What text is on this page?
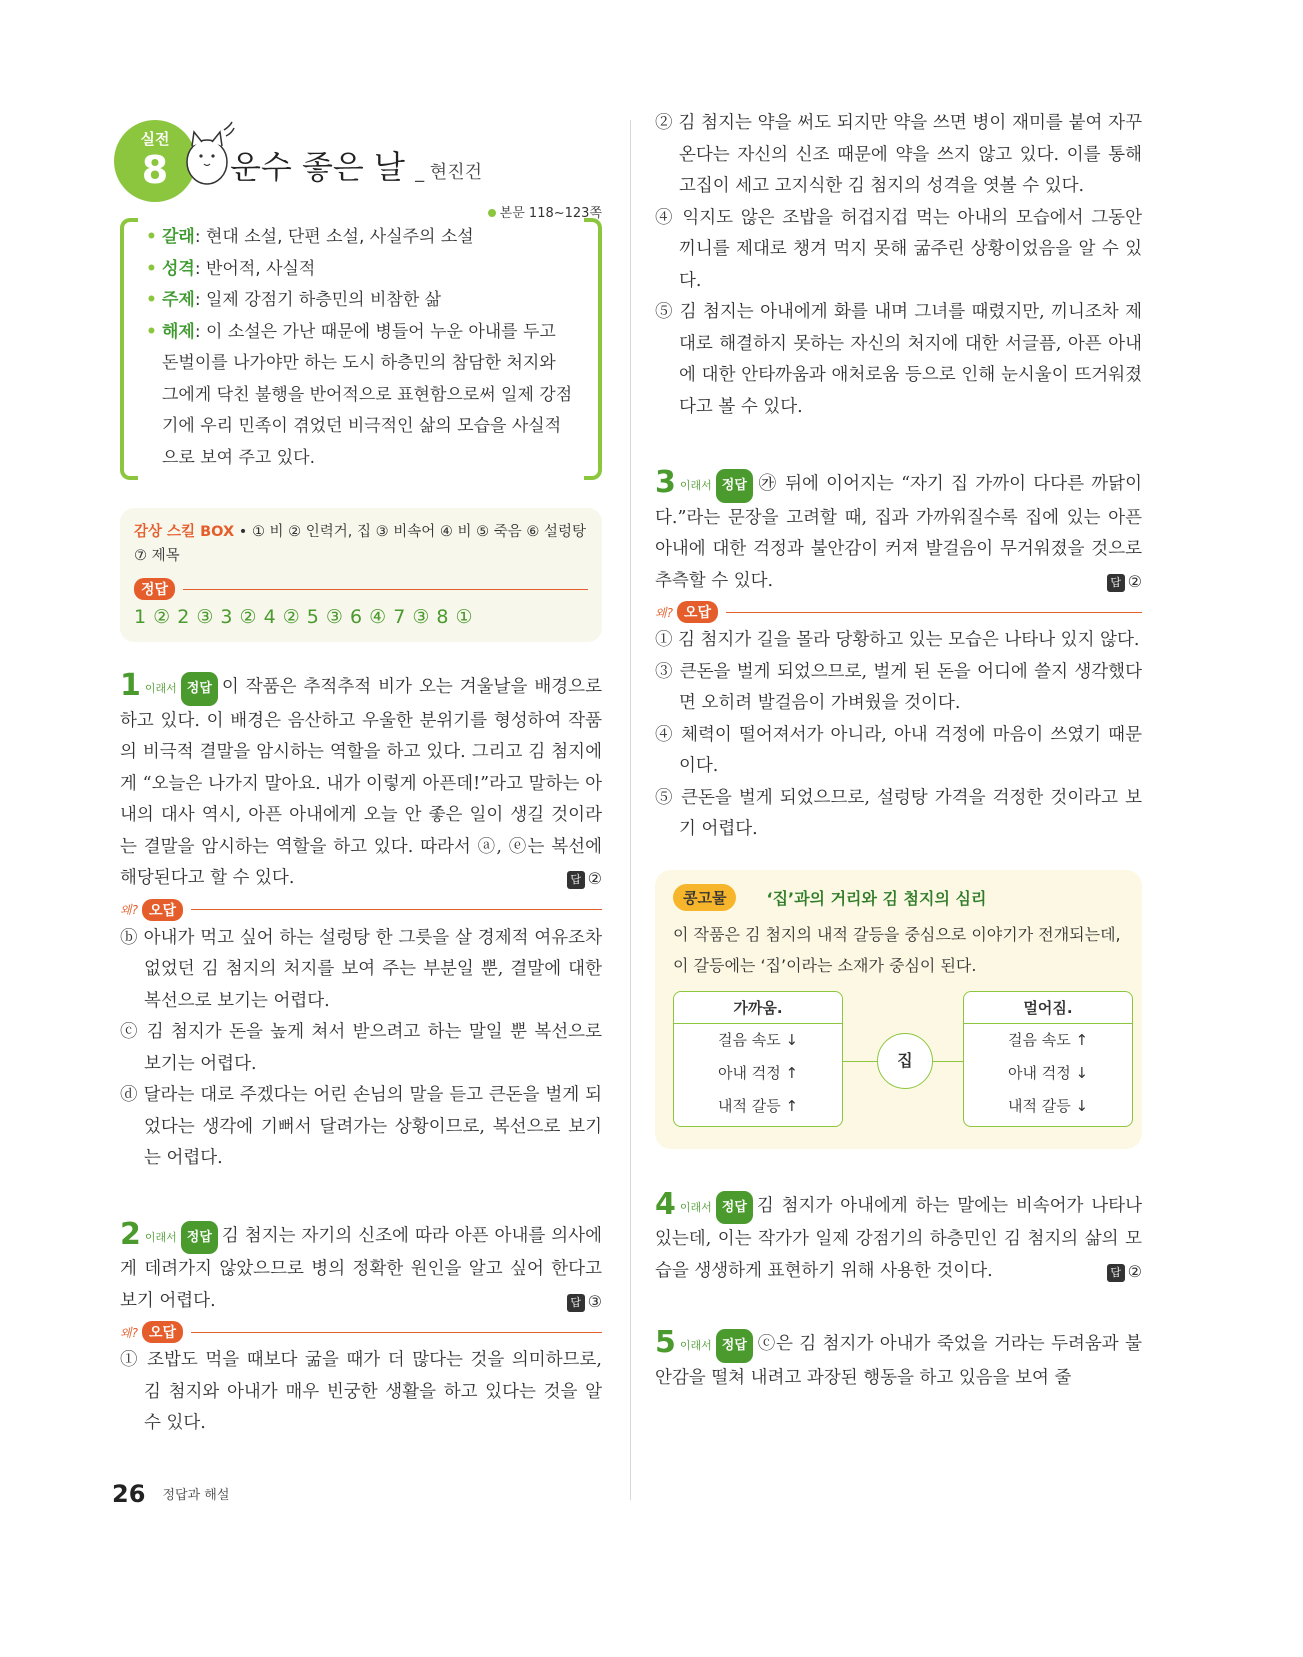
실전
8	운수 좋은 날 _ 현진건
본문 118~123쪽
• 갈래: 현대 소설, 단편 소설, 사실주의 소설
• 성격: 반어적, 사실적
• 주제: 일제 강점기 하층민의 비참한 삶
• 해제: 이 소설은 가난 때문에 병들어 누운 아내를 두고 돈벌이를 나가야만 하는 도시 하층민의 참담한 처지와 그에게 닥친 불행을 반어적으로 표현함으로써 일제 강점기에 우리 민족이 겪었던 비극적인 삶의 모습을 사실적으로 보여 주고 있다.
감상 스킬 BOX • ① 비 ② 인력거, 집 ③ 비속어 ④ 비 ⑤ 죽음 ⑥ 설렁탕 ⑦ 제목
정답
1 ② 2 ③ 3 ② 4 ② 5 ③ 6 ④ 7 ③ 8 ①

1 이래서 정답 이 작품은 추적추적 비가 오는 겨울날을 배경으로 하고 있다. 이 배경은 음산하고 우울한 분위기를 형성하여 작품의 비극적 결말을 암시하는 역할을 하고 있다. 그리고 김 첨지에게 “오늘은 나가지 말아요. 내가 이렇게 아픈데!”라고 말하는 아내의 대사 역시, 아픈 아내에게 오늘 안 좋은 일이 생길 것이라는 결말을 암시하는 역할을 하고 있다. 따라서 ⓐ, ⓔ는 복선에 해당된다고 할 수 있다.	답 ②

왜? 오답

ⓑ 아내가 먹고 싶어 하는 설렁탕 한 그릇을 살 경제적 여유조차 없었던 김 첨지의 처지를 보여 주는 부분일 뿐, 결말에 대한 복선으로 보기는 어렵다.

ⓒ 김 첨지가 돈을 높게 쳐서 받으려고 하는 말일 뿐 복선으로 보기는 어렵다.

ⓓ 달라는 대로 주겠다는 어린 손님의 말을 듣고 큰돈을 벌게 되었다는 생각에 기뻐서 달려가는 상황이므로, 복선으로 보기는 어렵다.

2 이래서 정답 김 첨지는 자기의 신조에 따라 아픈 아내를 의사에게 데려가지 않았으므로 병의 정확한 원인을 알고 싶어 한다고 보기 어렵다.	답 ③

왜? 오답

① 조밥도 먹을 때보다 굶을 때가 더 많다는 것을 의미하므로, 김 첨지와 아내가 매우 빈궁한 생활을 하고 있다는 것을 알 수 있다.

② 김 첨지는 약을 써도 되지만 약을 쓰면 병이 재미를 붙여 자꾸 온다는 자신의 신조 때문에 약을 쓰지 않고 있다. 이를 통해 고집이 세고 고지식한 김 첨지의 성격을 엿볼 수 있다.

④ 익지도 않은 조밥을 허겁지겁 먹는 아내의 모습에서 그동안 끼니를 제대로 챙겨 먹지 못해 굶주린 상황이었음을 알 수 있다.

⑤ 김 첨지는 아내에게 화를 내며 그녀를 때렸지만, 끼니조차 제대로 해결하지 못하는 자신의 처지에 대한 서글픔, 아픈 아내에 대한 안타까움과 애처로움 등으로 인해 눈시울이 뜨거워졌다고 볼 수 있다.

3 이래서 정답 ㉮ 뒤에 이어지는 “자기 집 가까이 다다른 까닭이다.”라는 문장을 고려할 때, 집과 가까워질수록 집에 있는 아픈 아내에 대한 걱정과 불안감이 커져 발걸음이 무거워졌을 것으로 추측할 수 있다.	답 ②

왜? 오답

① 김 첨지가 길을 몰라 당황하고 있는 모습은 나타나 있지 않다.

③ 큰돈을 벌게 되었으므로, 벌게 된 돈을 어디에 쓸지 생각했다면 오히려 발걸음이 가벼웠을 것이다.

④ 체력이 떨어져서가 아니라, 아내 걱정에 마음이 쓰였기 때문이다.

⑤ 큰돈을 벌게 되었으므로, 설렁탕 가격을 걱정한 것이라고 보기 어렵다.

콩고물	‘집’과의 거리와 김 첨지의 심리
이 작품은 김 첨지의 내적 갈등을 중심으로 이야기가 전개되는데, 이 갈등에는 ‘집’이라는 소재가 중심이 된다.
가까움.
걸음 속도 ↓
아내 걱정 ↑
내적 갈등 ↑
집
멀어짐.
걸음 속도 ↑
아내 걱정 ↓
내적 갈등 ↓

4 이래서 정답 김 첨지가 아내에게 하는 말에는 비속어가 나타나 있는데, 이는 작가가 일제 강점기의 하층민인 김 첨지의 삶의 모습을 생생하게 표현하기 위해 사용한 것이다.	답 ②

5 이래서 정답 ⓒ은 김 첨지가 아내가 죽었을 거라는 두려움과 불안감을 떨쳐 내려고 과장된 행동을 하고 있음을 보여 줄

26 정답과 해설
